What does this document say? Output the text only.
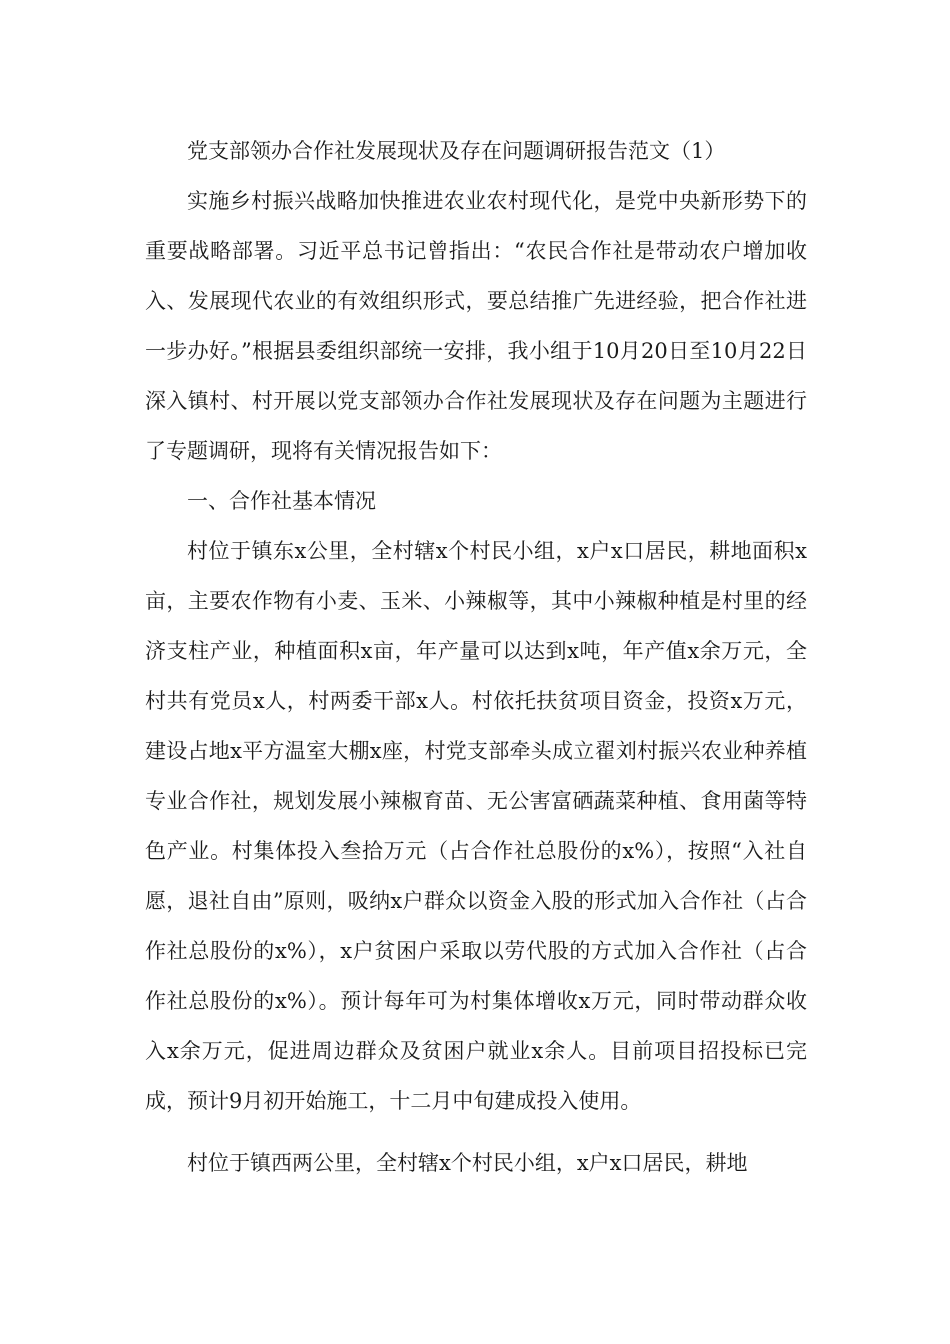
党支部领办合作社发展现状及存在问题调研报告范文（1）

实施乡村振兴战略加快推进农业农村现代化，是党中央新形势下的重要战略部署。习近平总书记曾指出：“农民合作社是带动农户增加收入、发展现代农业的有效组织形式，要总结推广先进经验，把合作社进一步办好。”根据县委组织部统一安排，我小组于10月20日至10月22日深入镇村、村开展以党支部领办合作社发展现状及存在问题为主题进行了专题调研，现将有关情况报告如下：

一、合作社基本情况

村位于镇东x公里，全村辖x个村民小组，x户x口居民，耕地面积x亩，主要农作物有小麦、玉米、小辣椒等，其中小辣椒种植是村里的经济支柱产业，种植面积x亩，年产量可以达到x吨，年产值x余万元，全村共有党员x人，村两委干部x人。村依托扶贫项目资金，投资x万元，建设占地x平方温室大棚x座，村党支部牵头成立翟刘村振兴农业种养植专业合作社，规划发展小辣椒育苗、无公害富硒蔬菜种植、食用菌等特色产业。村集体投入叁拾万元（占合作社总股份的x%），按照“入社自愿，退社自由”原则，吸纳x户群众以资金入股的形式加入合作社（占合作社总股份的x%），x户贫困户采取以劳代股的方式加入合作社（占合作社总股份的x%）。预计每年可为村集体增收x万元，同时带动群众收入x余万元，促进周边群众及贫困户就业x余人。目前项目招投标已完成，预计9月初开始施工，十二月中旬建成投入使用。

村位于镇西两公里，全村辖x个村民小组，x户x口居民，耕地
